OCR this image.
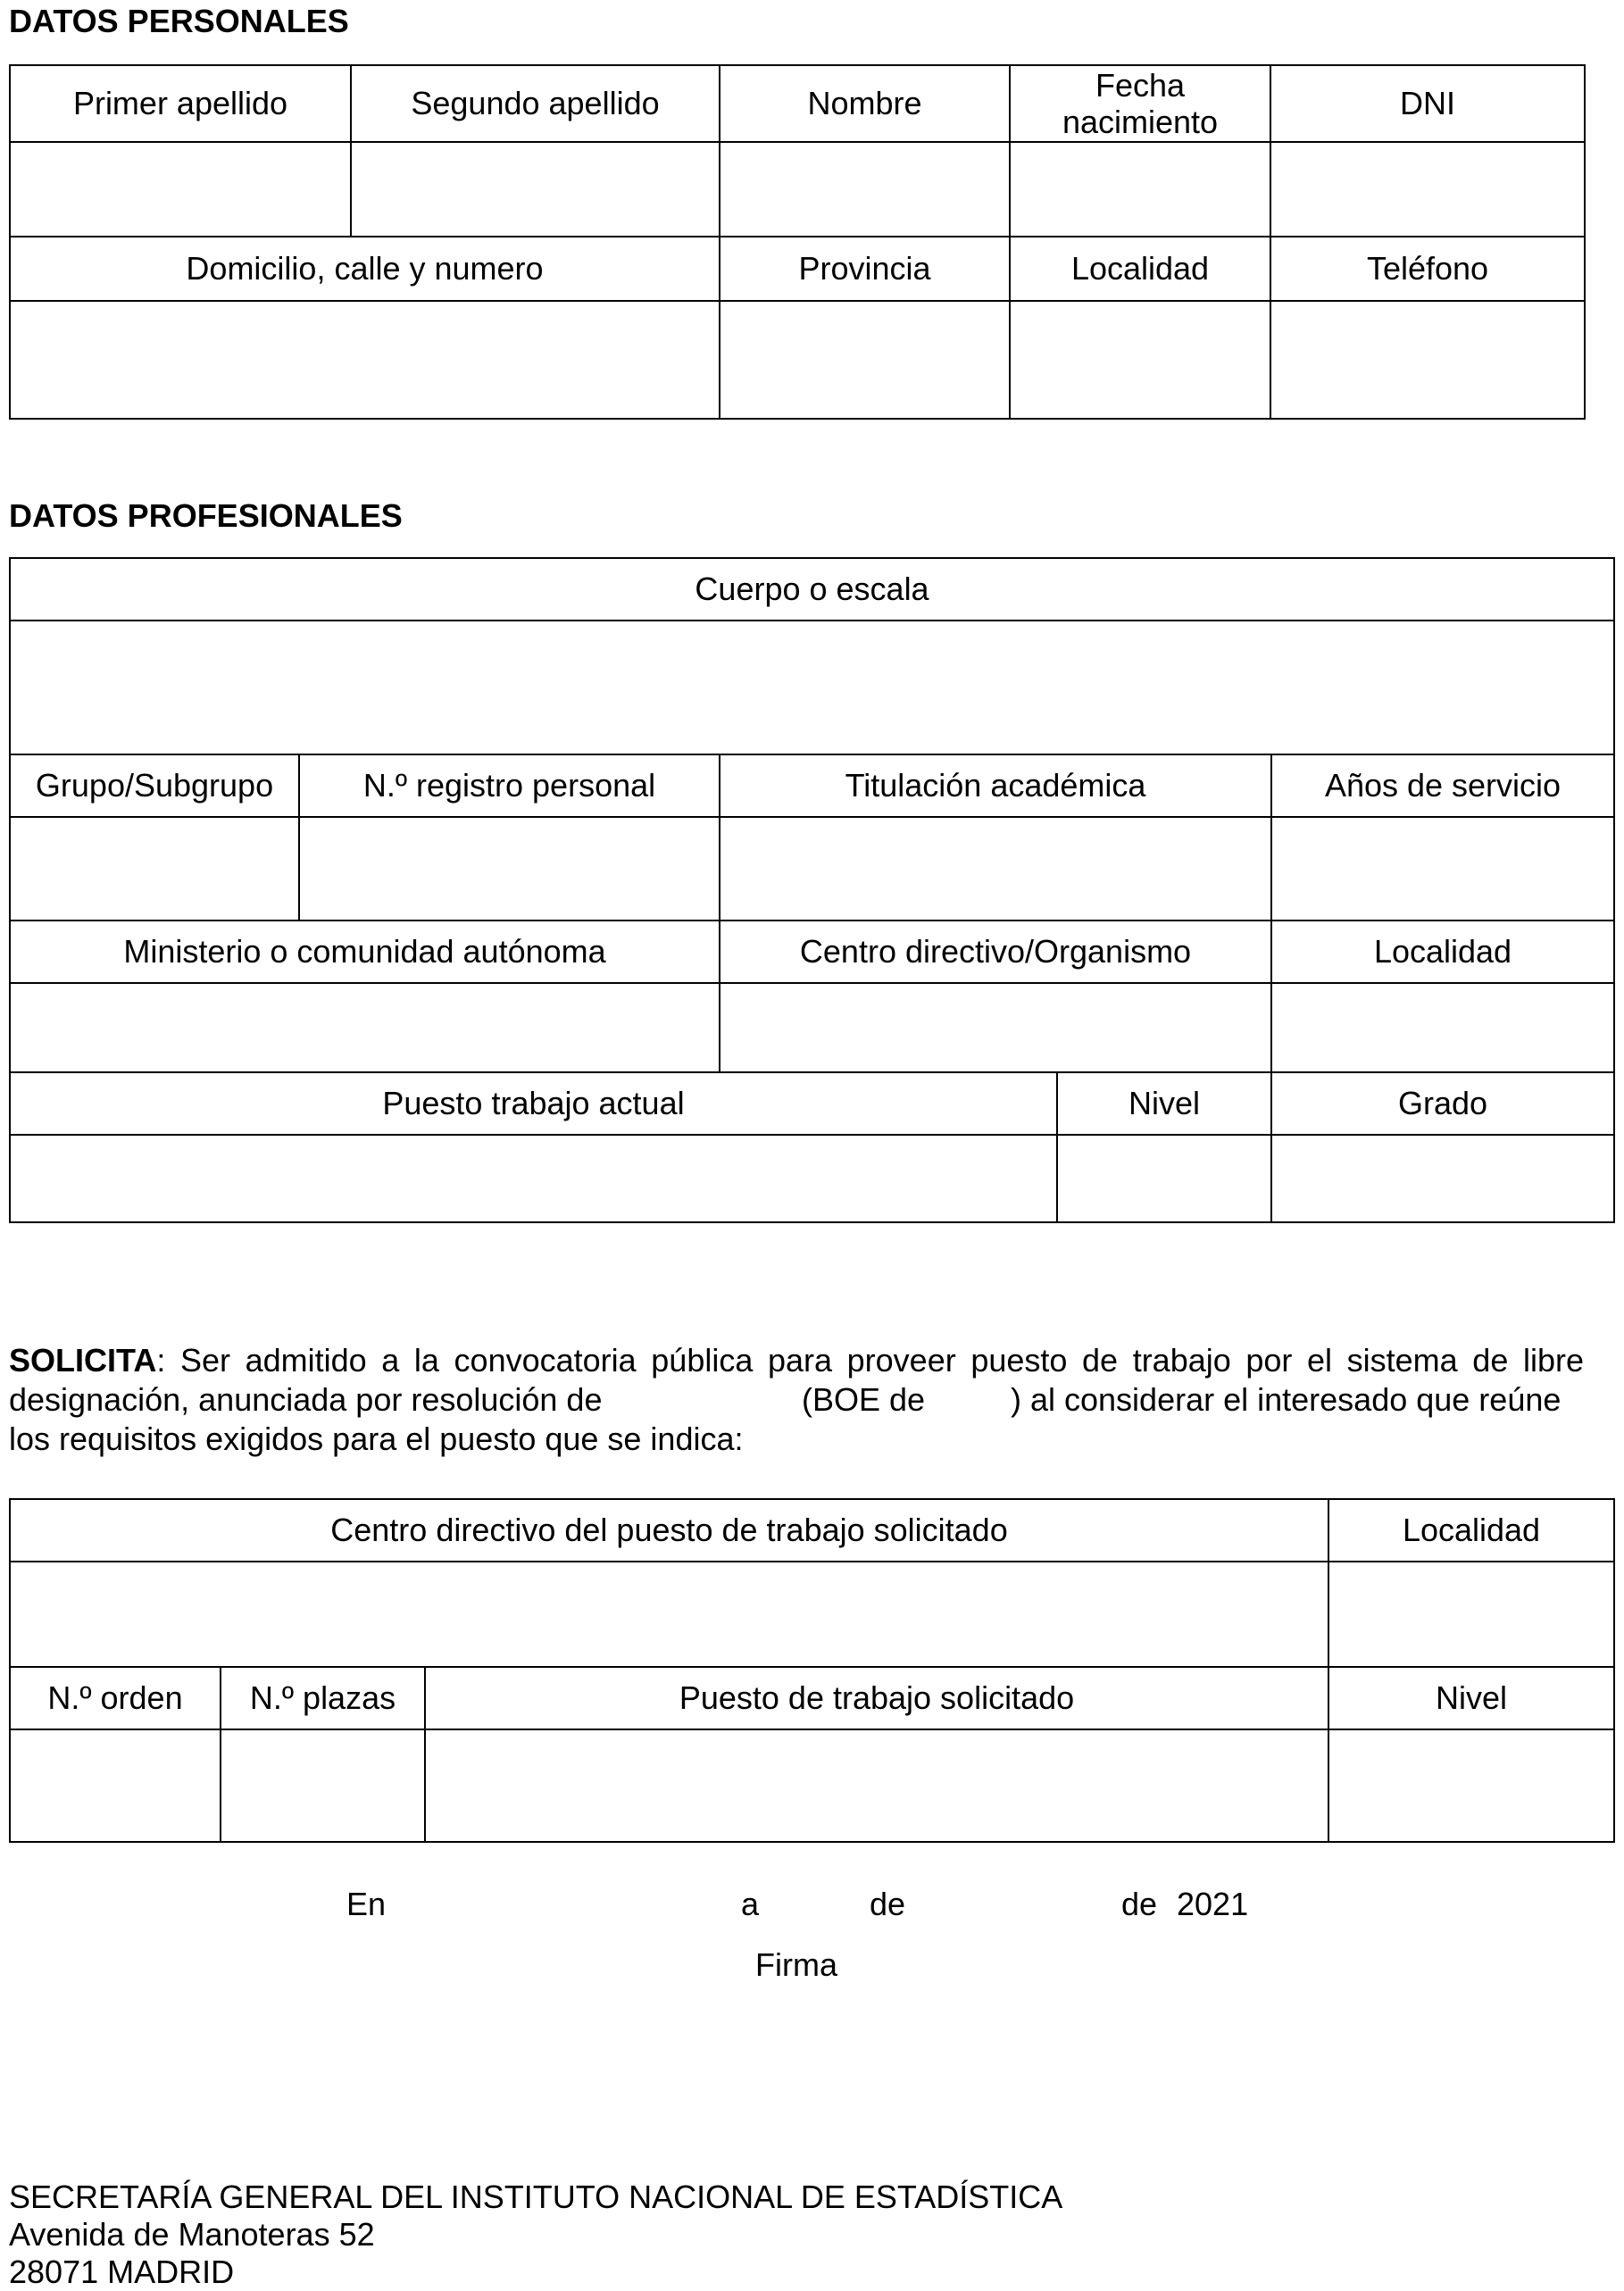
DATOS PERSONALES
Primer apellido	Segundo apellido	Nombre	Fecha nacimiento	DNI

Domicilio, calle y numero		Provincia	Localidad	Teléfono

DATOS PROFESIONALES
Cuerpo o escala				

Grupo/Subgrupo	N.º registro personal	Titulación académica		Años de servicio

Ministerio o comunidad autónoma		Centro directivo/Organismo		Localidad

Puesto trabajo actual			Nivel	Grado

SOLICITA: Ser admitido a la convocatoria pública para proveer puesto de trabajo por el sistema de libre
designación, anunciada por resolución de	(BOE de	) al considerar el interesado que reúne
los requisitos exigidos para el puesto que se indica:
Centro directivo del puesto de trabajo solicitado			Localidad

N.º orden	N.º plazas	Puesto de trabajo solicitado	Nivel

En	a	de	de 2021
Firma
SECRETARÍA GENERAL DEL INSTITUTO NACIONAL DE ESTADÍSTICA
Avenida de Manoteras 52
28071 MADRID
